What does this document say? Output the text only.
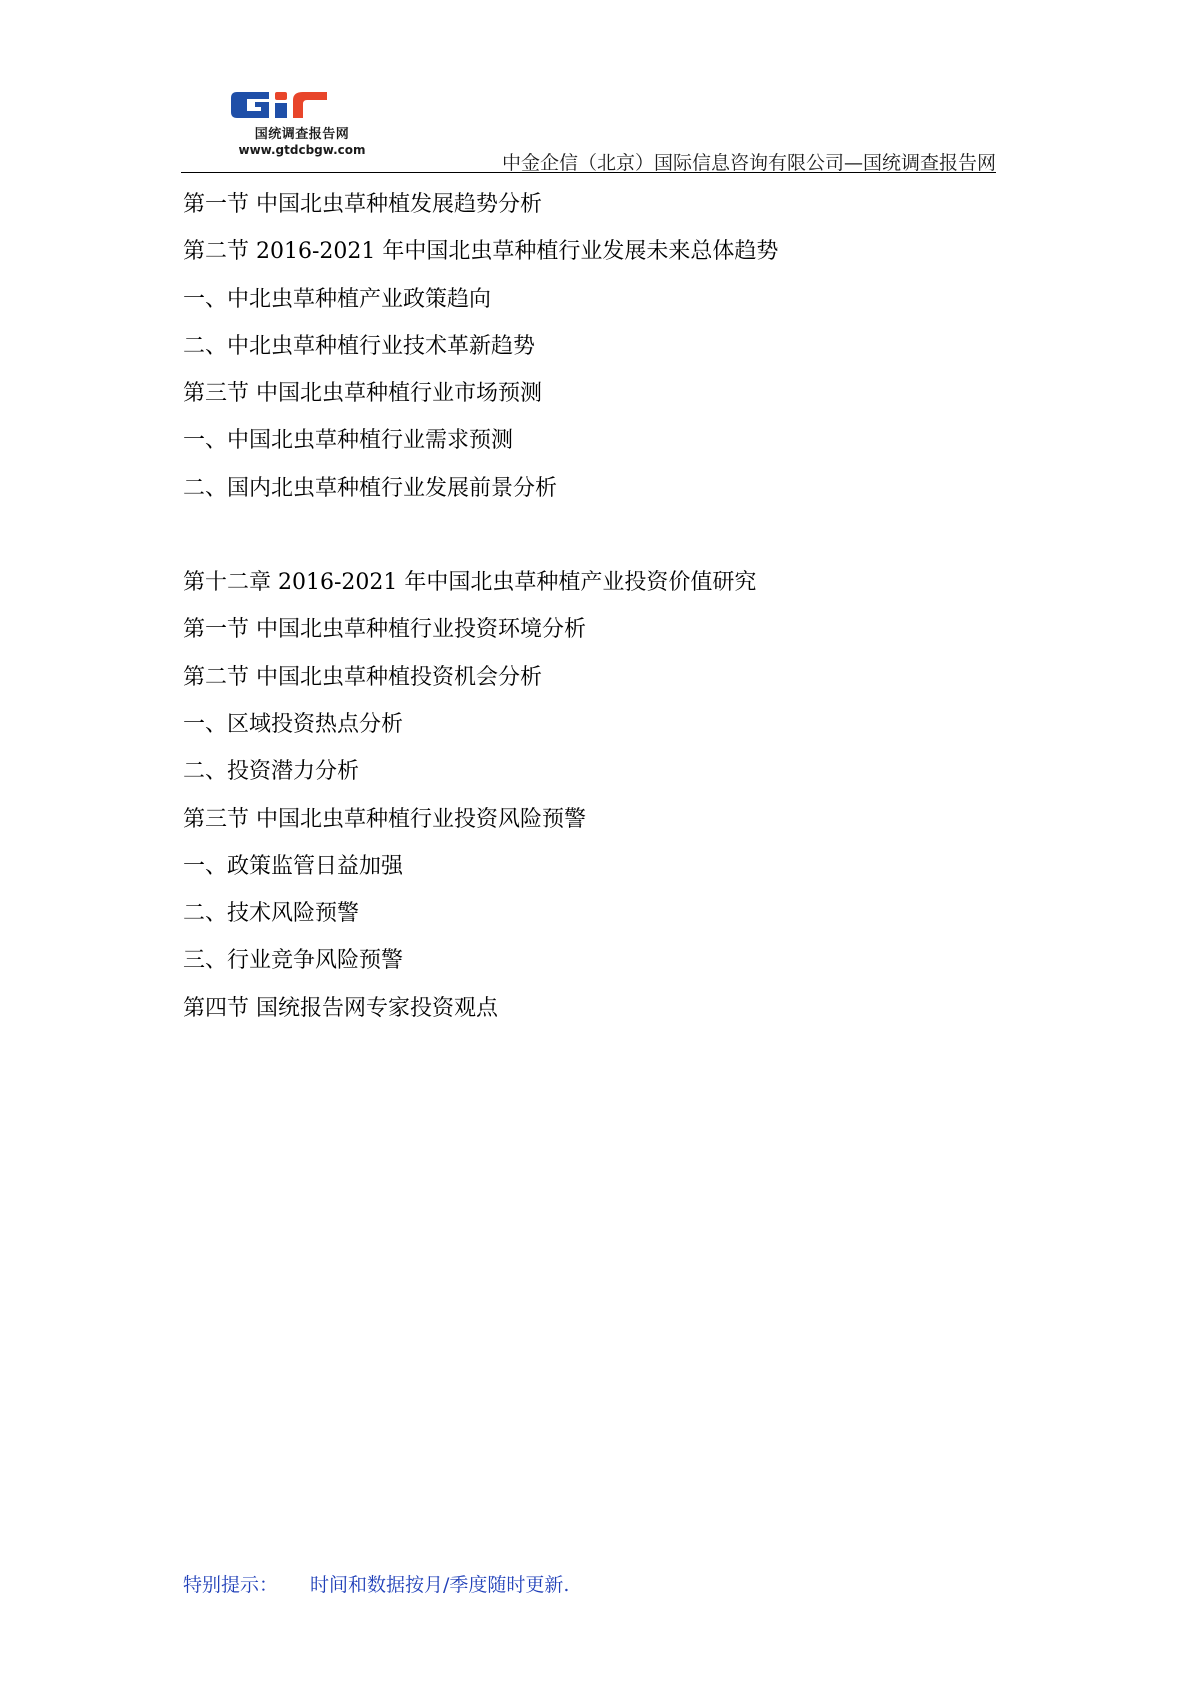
国统调查报告网
www.gtdcbgw.com
中金企信（北京）国际信息咨询有限公司—国统调查报告网
第一节 中国北虫草种植发展趋势分析
第二节 2016-2021 年中国北虫草种植行业发展未来总体趋势
一、中北虫草种植产业政策趋向
二、中北虫草种植行业技术革新趋势
第三节 中国北虫草种植行业市场预测
一、中国北虫草种植行业需求预测
二、国内北虫草种植行业发展前景分析
第十二章 2016-2021 年中国北虫草种植产业投资价值研究
第一节 中国北虫草种植行业投资环境分析
第二节 中国北虫草种植投资机会分析
一、区域投资热点分析
二、投资潜力分析
第三节 中国北虫草种植行业投资风险预警
一、政策监管日益加强
二、技术风险预警
三、行业竞争风险预警
第四节 国统报告网专家投资观点
特别提示： 时间和数据按月/季度随时更新.
